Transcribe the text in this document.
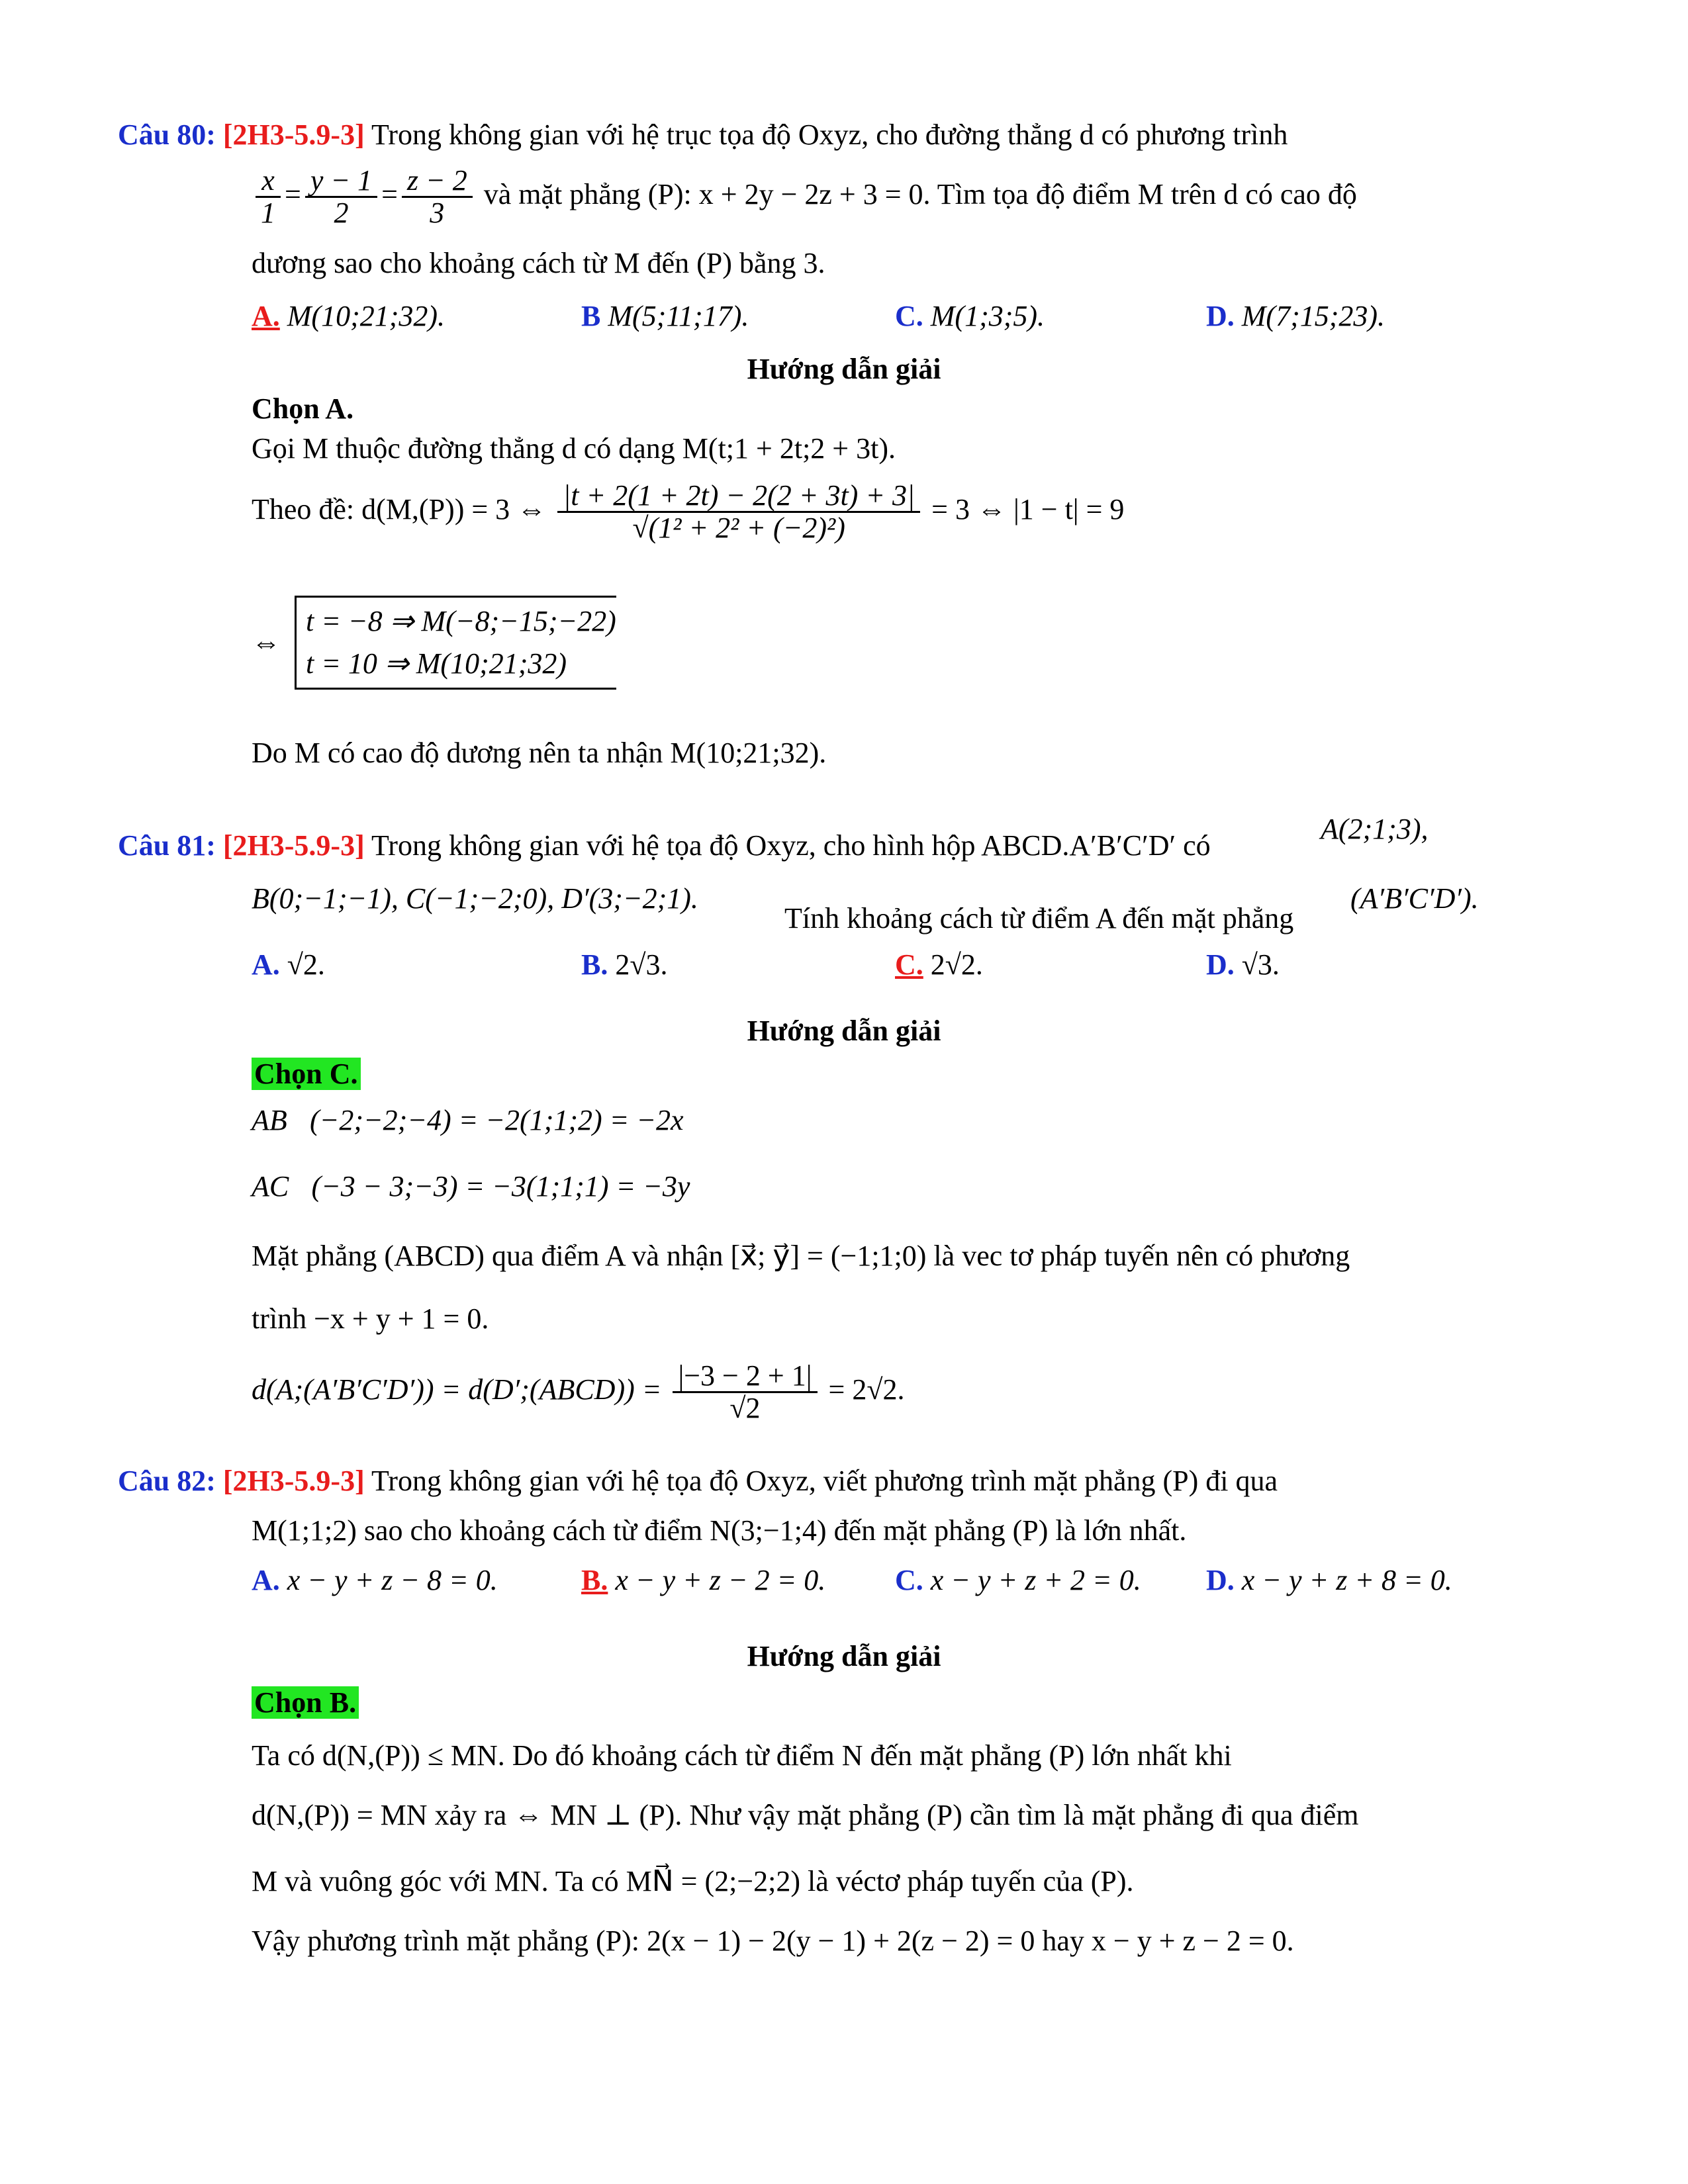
Câu 80: [2H3-5.9-3] Trong không gian với hệ trục tọa độ Oxyz, cho đường thẳng d có phương trình
$\frac{x}{1} = \frac{y - 1}{2} = \frac{z - 2}{3}$ và mặt phẳng (P): x + 2y − 2z + 3 = 0. Tìm tọa độ điểm M trên d có cao độ
dương sao cho khoảng cách từ M đến (P) bằng 3.
A. M(10;21;32).	B M(5;11;17).	C. M(1;3;5).	D. M(7;15;23).
Hướng dẫn giải
Chọn A.
Gọi M thuộc đường thẳng d có dạng M(t;1 + 2t;2 + 3t).
Theo đề: d(M,(P)) = 3 ⇔ $\frac{|t + 2(1 + 2t) - 2(2 + 3t) + 3|}{\text{√(1² + 2² + (−2)²)}} = 3$ ⇔ |1 − t| = 9
⇔
t = −8 ⇒ M(−8;−15;−22)
t = 10 ⇒ M(10;21;32)
Do M có cao độ dương nên ta nhận M(10;21;32).
Câu 81: [2H3-5.9-3] Trong không gian với hệ tọa độ Oxyz, cho hình hộp ABCD.A′B′C′D′ có
A(2;1;3),
B(0;−1;−1), C(−1;−2;0), D′(3;−2;1).
Tính khoảng cách từ điểm A đến mặt phẳng
(A′B′C′D′).
A. √2.	B. 2√3.	C. 2√2.	D. √3.
Hướng dẫn giải
Chọn C.
AB⃗(−2;−2;−4) = −2(1;1;2) = −2x⃗
AC⃗(−3 − 3;−3) = −3(1;1;1) = −3y⃗
Mặt phẳng (ABCD) qua điểm A và nhận [x⃗; y⃗] = (−1;1;0) là vec tơ pháp tuyến nên có phương
trình −x + y + 1 = 0.
d(A;(A′B′C′D′)) = d(D′;(ABCD)) = $\frac{|-3 - 2 + 1|}{√2} = 2√2$.
Câu 82: [2H3-5.9-3] Trong không gian với hệ tọa độ Oxyz, viết phương trình mặt phẳng (P) đi qua
M(1;1;2) sao cho khoảng cách từ điểm N(3;−1;4) đến mặt phẳng (P) là lớn nhất.
A. x − y + z − 8 = 0.	B. x − y + z − 2 = 0. C. x − y + z + 2 = 0. D. x − y + z + 8 = 0.
Hướng dẫn giải
Chọn B.
Ta có d(N,(P)) ≤ MN. Do đó khoảng cách từ điểm N đến mặt phẳng (P) lớn nhất khi
d(N,(P)) = MN xảy ra ⇔ MN ⊥ (P). Như vậy mặt phẳng (P) cần tìm là mặt phẳng đi qua điểm
M và vuông góc với MN. Ta có MN⃗ = (2;−2;2) là véctơ pháp tuyến của (P).
Vậy phương trình mặt phẳng (P): 2(x − 1) − 2(y − 1) + 2(z − 2) = 0 hay x − y + z − 2 = 0.
